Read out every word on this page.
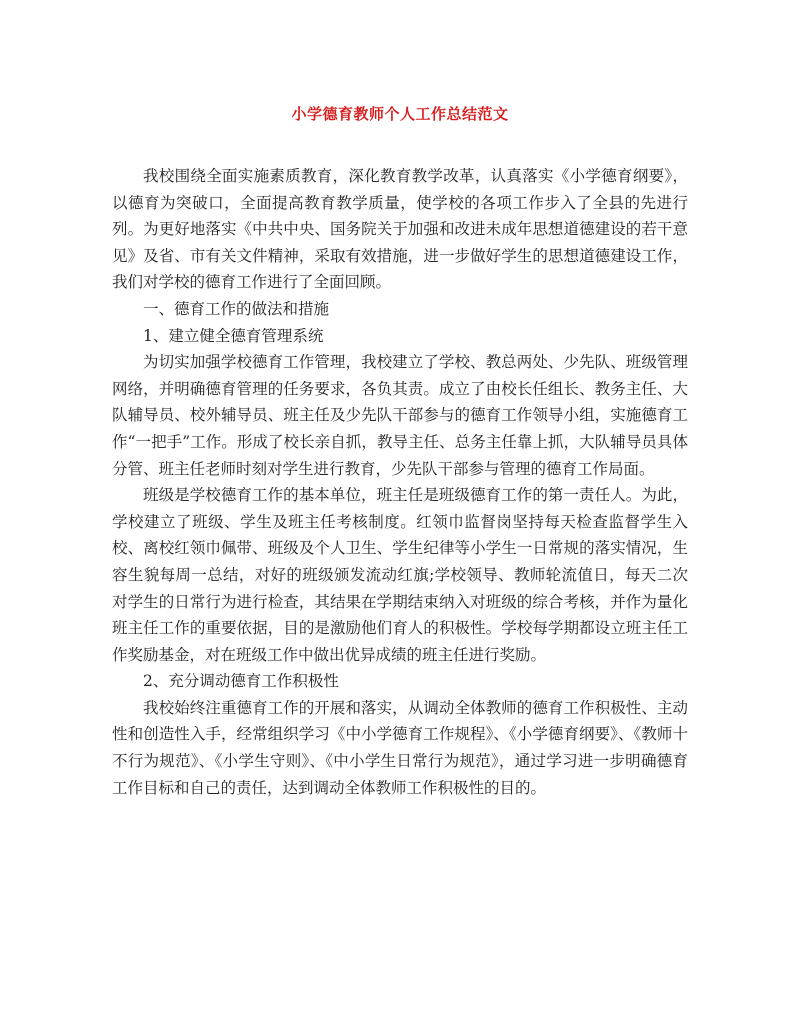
小学德育教师个人工作总结范文

我校围绕全面实施素质教育，深化教育教学改革，认真落实《小学德育纲要》，以德育为突破口，全面提高教育教学质量，使学校的各项工作步入了全县的先进行列。为更好地落实《中共中央、国务院关于加强和改进未成年思想道德建设的若干意见》及省、市有关文件精神，采取有效措施，进一步做好学生的思想道德建设工作，我们对学校的德育工作进行了全面回顾。

一、德育工作的做法和措施

1、建立健全德育管理系统

为切实加强学校德育工作管理，我校建立了学校、教总两处、少先队、班级管理网络，并明确德育管理的任务要求，各负其责。成立了由校长任组长、教务主任、大队辅导员、校外辅导员、班主任及少先队干部参与的德育工作领导小组，实施德育工作“一把手”工作。形成了校长亲自抓，教导主任、总务主任靠上抓，大队辅导员具体分管、班主任老师时刻对学生进行教育，少先队干部参与管理的德育工作局面。

班级是学校德育工作的基本单位，班主任是班级德育工作的第一责任人。为此，学校建立了班级、学生及班主任考核制度。红领巾监督岗坚持每天检查监督学生入校、离校红领巾佩带、班级及个人卫生、学生纪律等小学生一日常规的落实情况，生容生貌每周一总结，对好的班级颁发流动红旗;学校领导、教师轮流值日，每天二次对学生的日常行为进行检查，其结果在学期结束纳入对班级的综合考核，并作为量化班主任工作的重要依据，目的是激励他们育人的积极性。学校每学期都设立班主任工作奖励基金，对在班级工作中做出优异成绩的班主任进行奖励。

2、充分调动德育工作积极性

我校始终注重德育工作的开展和落实，从调动全体教师的德育工作积极性、主动性和创造性入手，经常组织学习《中小学德育工作规程》、《小学德育纲要》、《教师十不行为规范》、《小学生守则》、《中小学生日常行为规范》，通过学习进一步明确德育工作目标和自己的责任，达到调动全体教师工作积极性的目的。
